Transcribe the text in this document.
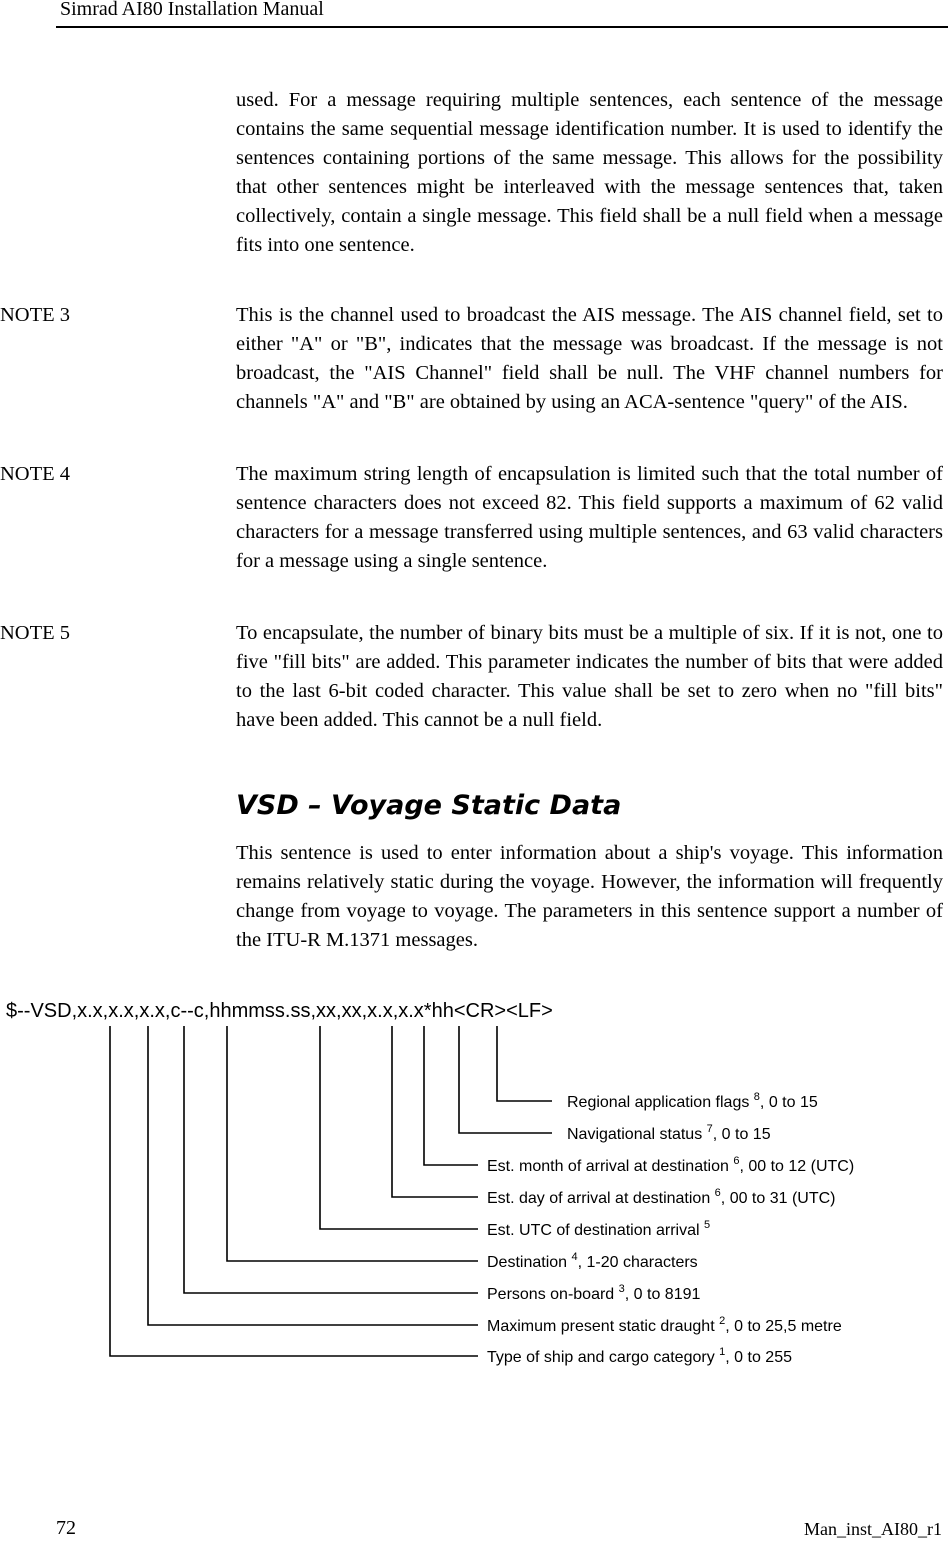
Simrad AI80 Installation Manual

used. For a message requiring multiple sentences, each sentence of the message contains the same sequential message identification number. It is used to identify the sentences containing portions of the same message. This allows for the possibility that other sentences might be interleaved with the message sentences that, taken collectively, contain a single message. This field shall be a null field when a message fits into one sentence.

NOTE 3	This is the channel used to broadcast the AIS message. The AIS channel field, set to either "A" or "B", indicates that the message was broadcast. If the message is not broadcast, the "AIS Channel" field shall be null. The VHF channel numbers for channels "A" and "B" are obtained by using an ACA-sentence "query" of the AIS.

NOTE 4	The maximum string length of encapsulation is limited such that the total number of sentence characters does not exceed 82. This field supports a maximum of 62 valid characters for a message transferred using multiple sentences, and 63 valid characters for a message using a single sentence.

NOTE 5	To encapsulate, the number of binary bits must be a multiple of six. If it is not, one to five "fill bits" are added. This parameter indicates the number of bits that were added to the last 6-bit coded character. This value shall be set to zero when no "fill bits" have been added. This cannot be a null field.

VSD – Voyage Static Data

This sentence is used to enter information about a ship's voyage. This information remains relatively static during the voyage. However, the information will frequently change from voyage to voyage. The parameters in this sentence support a number of the ITU-R M.1371 messages.

$--VSD,x.x,x.x,x.x,c--c,hhmmss.ss,xx,xx,x.x,x.x*hh<CR><LF>
Regional application flags $^8$, 0 to 15
Navigational status $^7$, 0 to 15
Est. month of arrival at destination $^6$, 00 to 12 (UTC)
Est. day of arrival at destination $^6$, 00 to 31 (UTC)
Est. UTC of destination arrival $^5$
Destination $^4$, 1-20 characters
Persons on-board $^3$, 0 to 8191
Maximum present static draught $^2$, 0 to 25,5 metre
Type of ship and cargo category $^1$, 0 to 255
72	Man_inst_AI80_r1
